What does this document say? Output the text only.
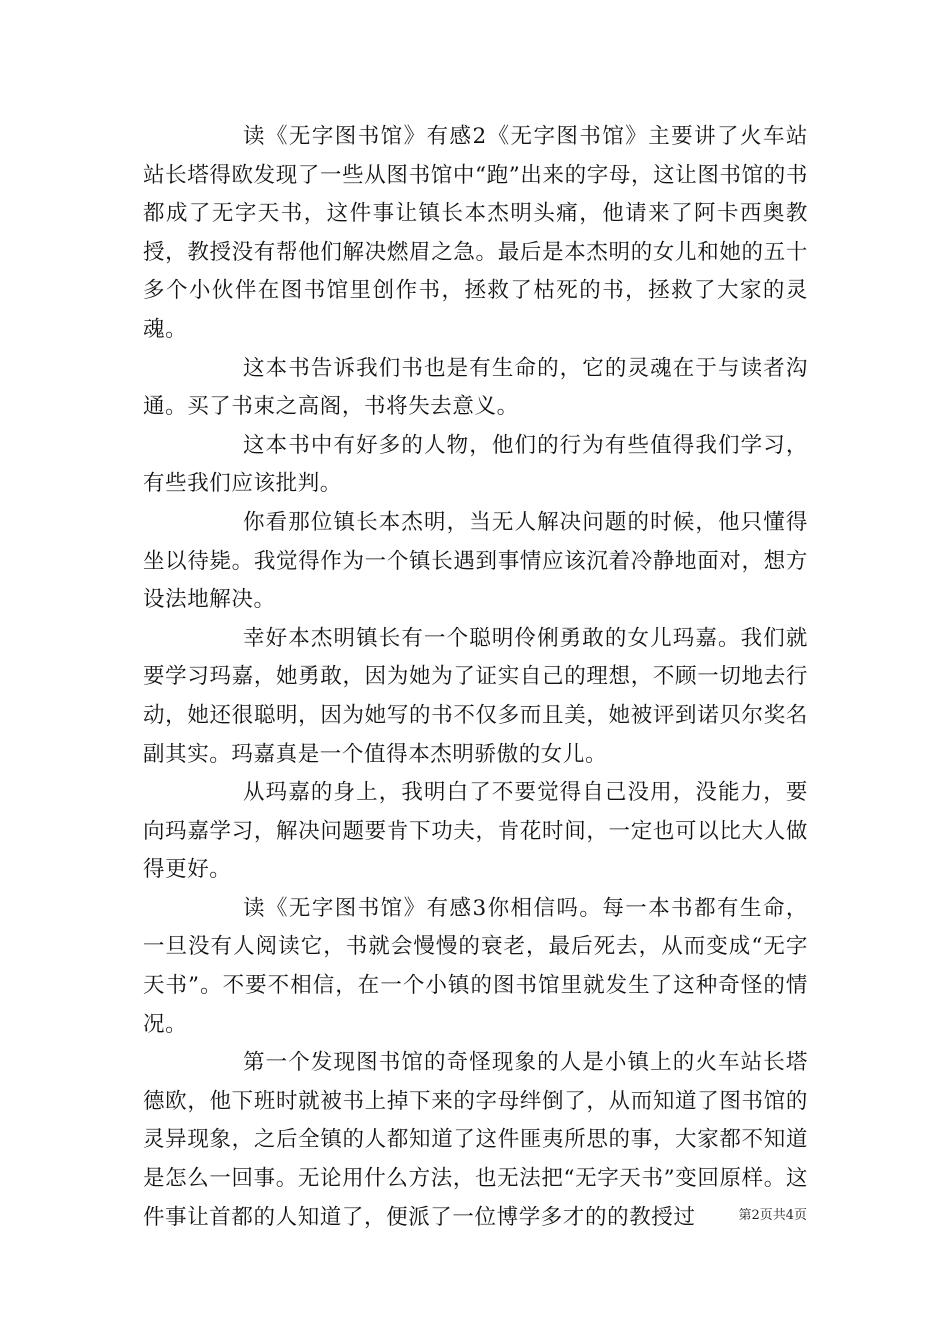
读《无字图书馆》有感2《无字图书馆》主要讲了火车站站长塔得欧发现了一些从图书馆中“跑”出来的字母，这让图书馆的书都成了无字天书，这件事让镇长本杰明头痛，他请来了阿卡西奥教授，教授没有帮他们解决燃眉之急。最后是本杰明的女儿和她的五十多个小伙伴在图书馆里创作书，拯救了枯死的书，拯救了大家的灵魂。

这本书告诉我们书也是有生命的，它的灵魂在于与读者沟通。买了书束之高阁，书将失去意义。

这本书中有好多的人物，他们的行为有些值得我们学习，有些我们应该批判。

你看那位镇长本杰明，当无人解决问题的时候，他只懂得坐以待毙。我觉得作为一个镇长遇到事情应该沉着冷静地面对，想方设法地解决。

幸好本杰明镇长有一个聪明伶俐勇敢的女儿玛嘉。我们就要学习玛嘉，她勇敢，因为她为了证实自己的理想，不顾一切地去行动，她还很聪明，因为她写的书不仅多而且美，她被评到诺贝尔奖名副其实。玛嘉真是一个值得本杰明骄傲的女儿。

从玛嘉的身上，我明白了不要觉得自己没用，没能力，要向玛嘉学习，解决问题要肯下功夫，肯花时间，一定也可以比大人做得更好。

读《无字图书馆》有感3你相信吗。每一本书都有生命，一旦没有人阅读它，书就会慢慢的衰老，最后死去，从而变成“无字天书”。不要不相信，在一个小镇的图书馆里就发生了这种奇怪的情况。

第一个发现图书馆的奇怪现象的人是小镇上的火车站长塔德欧，他下班时就被书上掉下来的字母绊倒了，从而知道了图书馆的灵异现象，之后全镇的人都知道了这件匪夷所思的事，大家都不知道是怎么一回事。无论用什么方法，也无法把“无字天书”变回原样。这件事让首都的人知道了，便派了一位博学多才的的教授过	第2页共4页
